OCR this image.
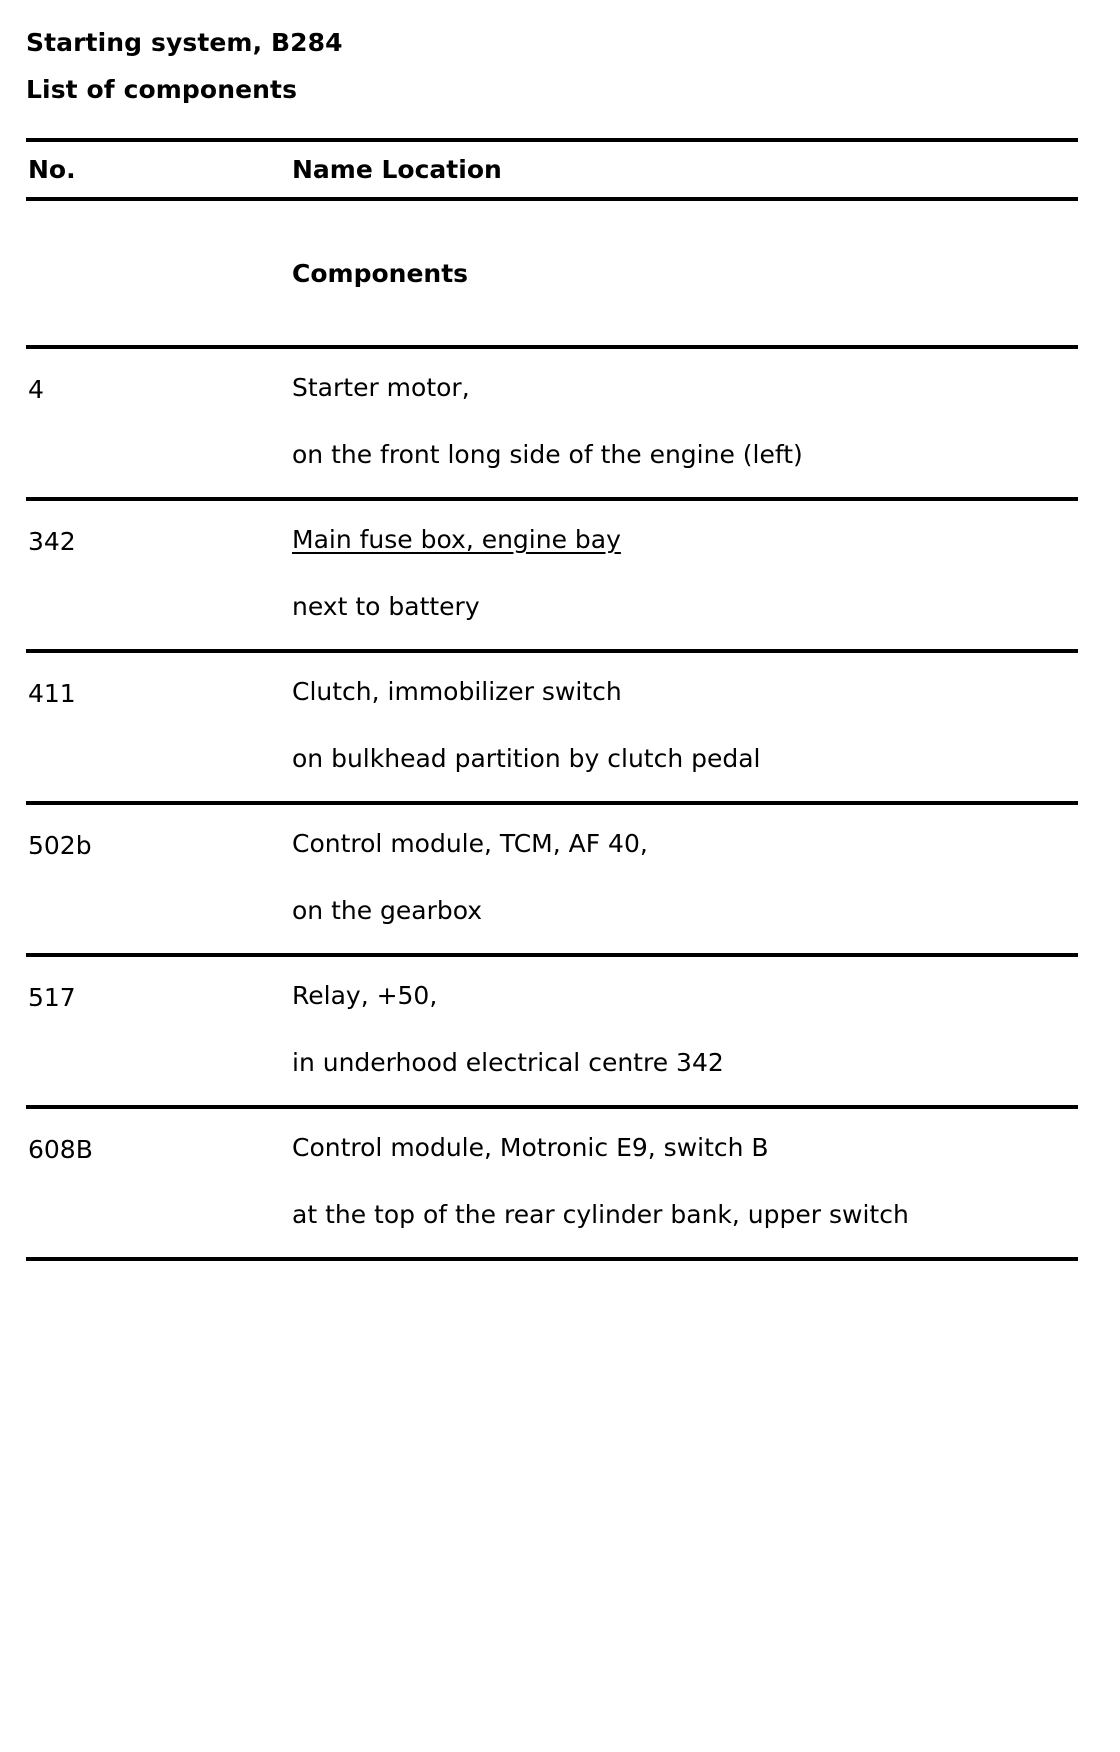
Starting system, B284
List of components
No.	Name Location
	Components
4	Starter motor,
on the front long side of the engine (left)

342	Main fuse box, engine bay
next to battery

411	Clutch, immobilizer switch
on bulkhead partition by clutch pedal

502b	Control module, TCM, AF 40,
on the gearbox

517	Relay, +50,
in underhood electrical centre 342

608B	Control module, Motronic E9, switch B
at the top of the rear cylinder bank, upper switch
